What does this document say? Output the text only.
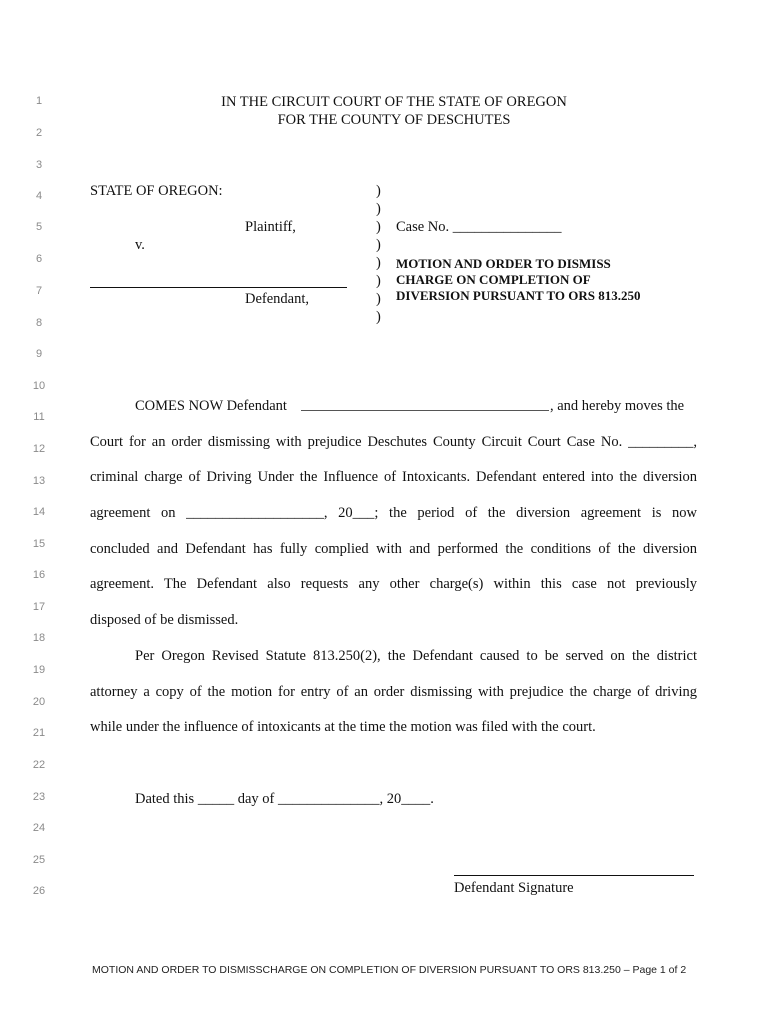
1
2
3
4
5
6
7
8
9
10
11
12
13
14
15
16
17
18
19
20
21
22
23
24
25
26
IN THE CIRCUIT COURT OF THE STATE OF OREGON
FOR THE COUNTY OF DESCHUTES
STATE OF OREGON:
Plaintiff,
v.
Defendant,
)
)
)
)
)
)
)
)
Case No. _______________
MOTION AND ORDER TO DISMISS
CHARGE ON COMPLETION OF
DIVERSION PURSUANT TO ORS 813.250
COMES NOW Defendant	, and hereby moves the
Court for an order dismissing with prejudice Deschutes County Circuit Court Case No. _________,
criminal charge of Driving Under the Influence of Intoxicants. Defendant entered into the diversion
agreement on ___________________, 20___; the period of the diversion agreement is now
concluded and Defendant has fully complied with and performed the conditions of the diversion
agreement. The Defendant also requests any other charge(s) within this case not previously
disposed of be dismissed.
Per Oregon Revised Statute 813.250(2), the Defendant caused to be served on the district
attorney a copy of the motion for entry of an order dismissing with prejudice the charge of driving
while under the influence of intoxicants at the time the motion was filed with the court.
Dated this _____ day of ______________, 20____.
Defendant Signature
MOTION AND ORDER TO DISMISSCHARGE ON COMPLETION OF DIVERSION PURSUANT TO ORS 813.250 – Page 1 of 2
